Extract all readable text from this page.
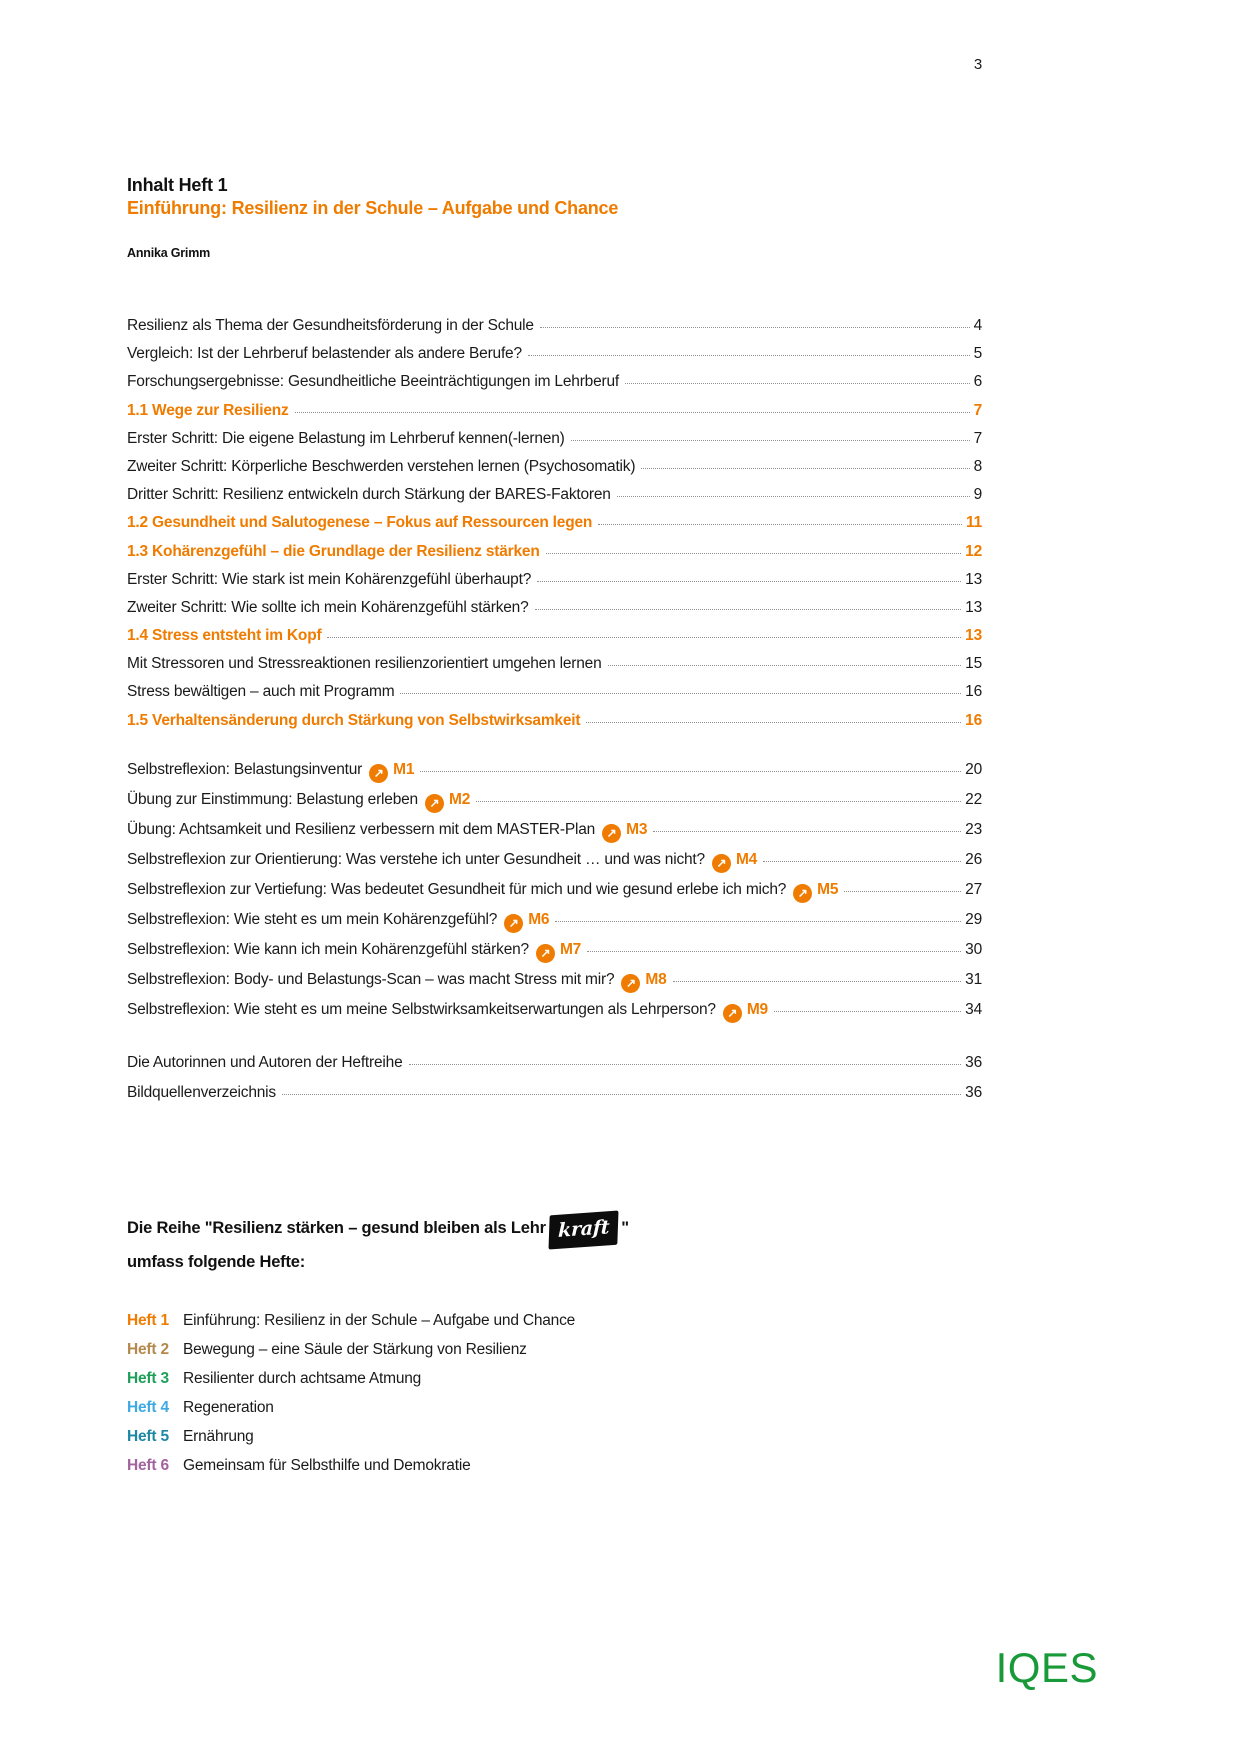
3
Inhalt Heft 1
Einführung: Resilienz in der Schule – Aufgabe und Chance
Annika Grimm
Resilienz als Thema der Gesundheitsförderung in der Schule	4
Vergleich: Ist der Lehrberuf belastender als andere Berufe?	5
Forschungsergebnisse: Gesundheitliche Beeinträchtigungen im Lehrberuf	6
1.1 Wege zur Resilienz	7
Erster Schritt: Die eigene Belastung im Lehrberuf kennen(-lernen)	7
Zweiter Schritt: Körperliche Beschwerden verstehen lernen (Psychosomatik)	8
Dritter Schritt: Resilienz entwickeln durch Stärkung der BARES-Faktoren	9
1.2 Gesundheit und Salutogenese – Fokus auf Ressourcen legen	11
1.3 Kohärenzgefühl – die Grundlage der Resilienz stärken	12
Erster Schritt: Wie stark ist mein Kohärenzgefühl überhaupt?	13
Zweiter Schritt: Wie sollte ich mein Kohärenzgefühl stärken?	13
1.4 Stress entsteht im Kopf	13
Mit Stressoren und Stressreaktionen resilienzorientiert umgehen lernen	15
Stress bewältigen – auch mit Programm	16
1.5 Verhaltensänderung durch Stärkung von Selbstwirksamkeit	16
Selbstreflexion: Belastungsinventur ↗ M1	20
Übung zur Einstimmung: Belastung erleben ↗ M2	22
Übung: Achtsamkeit und Resilienz verbessern mit dem MASTER-Plan ↗ M3	23
Selbstreflexion zur Orientierung: Was verstehe ich unter Gesundheit … und was nicht? ↗ M4	26
Selbstreflexion zur Vertiefung: Was bedeutet Gesundheit für mich und wie gesund erlebe ich mich? ↗ M5	27
Selbstreflexion: Wie steht es um mein Kohärenzgefühl? ↗ M6	29
Selbstreflexion: Wie kann ich mein Kohärenzgefühl stärken? ↗ M7	30
Selbstreflexion: Body- und Belastungs-Scan – was macht Stress mit mir? ↗ M8	31
Selbstreflexion: Wie steht es um meine Selbstwirksamkeitserwartungen als Lehrperson? ↗ M9	34
Die Autorinnen und Autoren der Heftreihe	36
Bildquellenverzeichnis	36
Die Reihe "Resilienz stärken – gesund bleiben als Lehr kraft "
umfass folgende Hefte:
Heft 1 Einführung: Resilienz in der Schule – Aufgabe und Chance
Heft 2 Bewegung – eine Säule der Stärkung von Resilienz
Heft 3 Resilienter durch achtsame Atmung
Heft 4 Regeneration
Heft 5 Ernährung
Heft 6 Gemeinsam für Selbsthilfe und Demokratie
IQES
